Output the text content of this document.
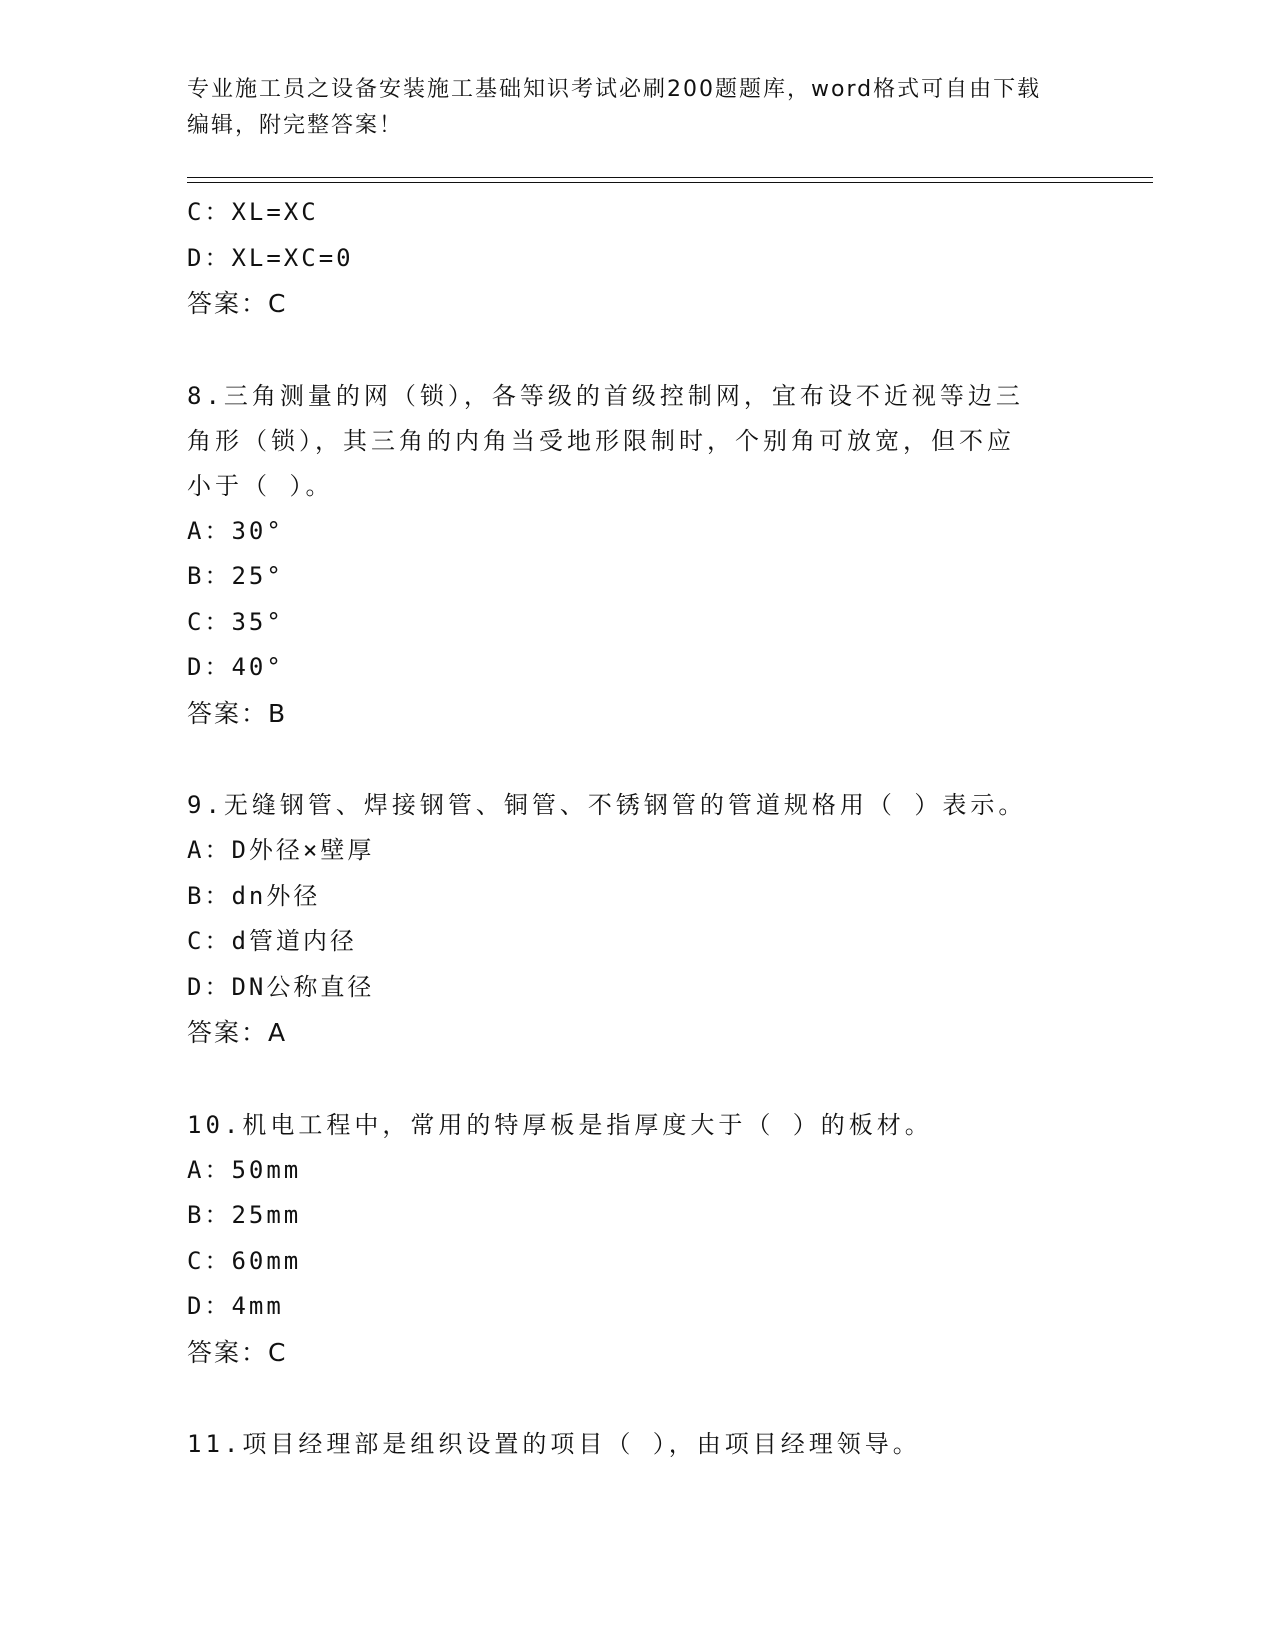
专业施工员之设备安装施工基础知识考试必刷200题题库，word格式可自由下载
编辑，附完整答案！
C：XL=XC
D：XL=XC=0
答案：C
8.三角测量的网（锁），各等级的首级控制网，宜布设不近视等边三
角形（锁），其三角的内角当受地形限制时，个别角可放宽，但不应
小于（ ）。
A：30°
B：25°
C：35°
D：40°
答案：B
9.无缝钢管、焊接钢管、铜管、不锈钢管的管道规格用（ ）表示。
A：D外径×壁厚
B：dn外径
C：d管道内径
D：DN公称直径
答案：A
10.机电工程中，常用的特厚板是指厚度大于（ ）的板材。
A：50mm
B：25mm
C：60mm
D：4mm
答案：C
11.项目经理部是组织设置的项目（ ），由项目经理领导。
